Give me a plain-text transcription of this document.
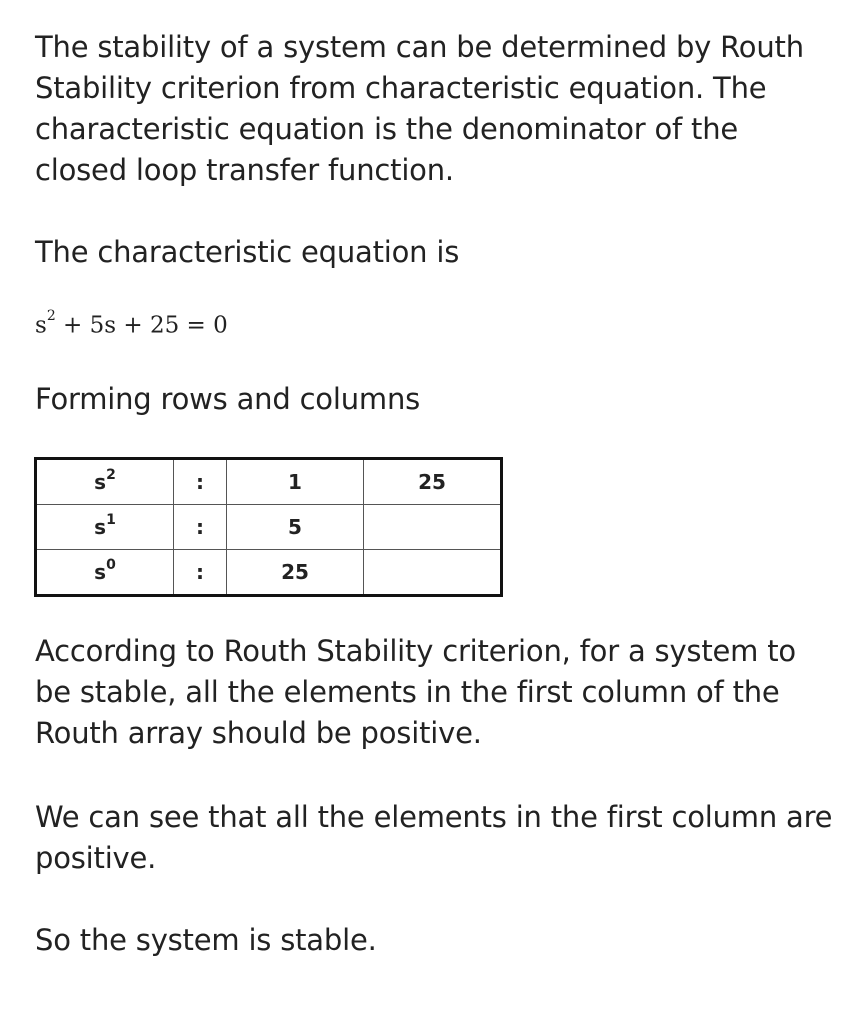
The stability of a system can be determined by Routh Stability criterion from characteristic equation. The characteristic equation is the denominator of the closed loop transfer function.

The characteristic equation is

$s^2 + 5s + 25 = 0$

Forming rows and columns

$s^2$	:	1	25
$s^1$	:	5	
$s^0$	:	25	

According to Routh Stability criterion, for a system to be stable, all the elements in the first column of the Routh array should be positive.

We can see that all the elements in the first column are positive.

So the system is stable.
